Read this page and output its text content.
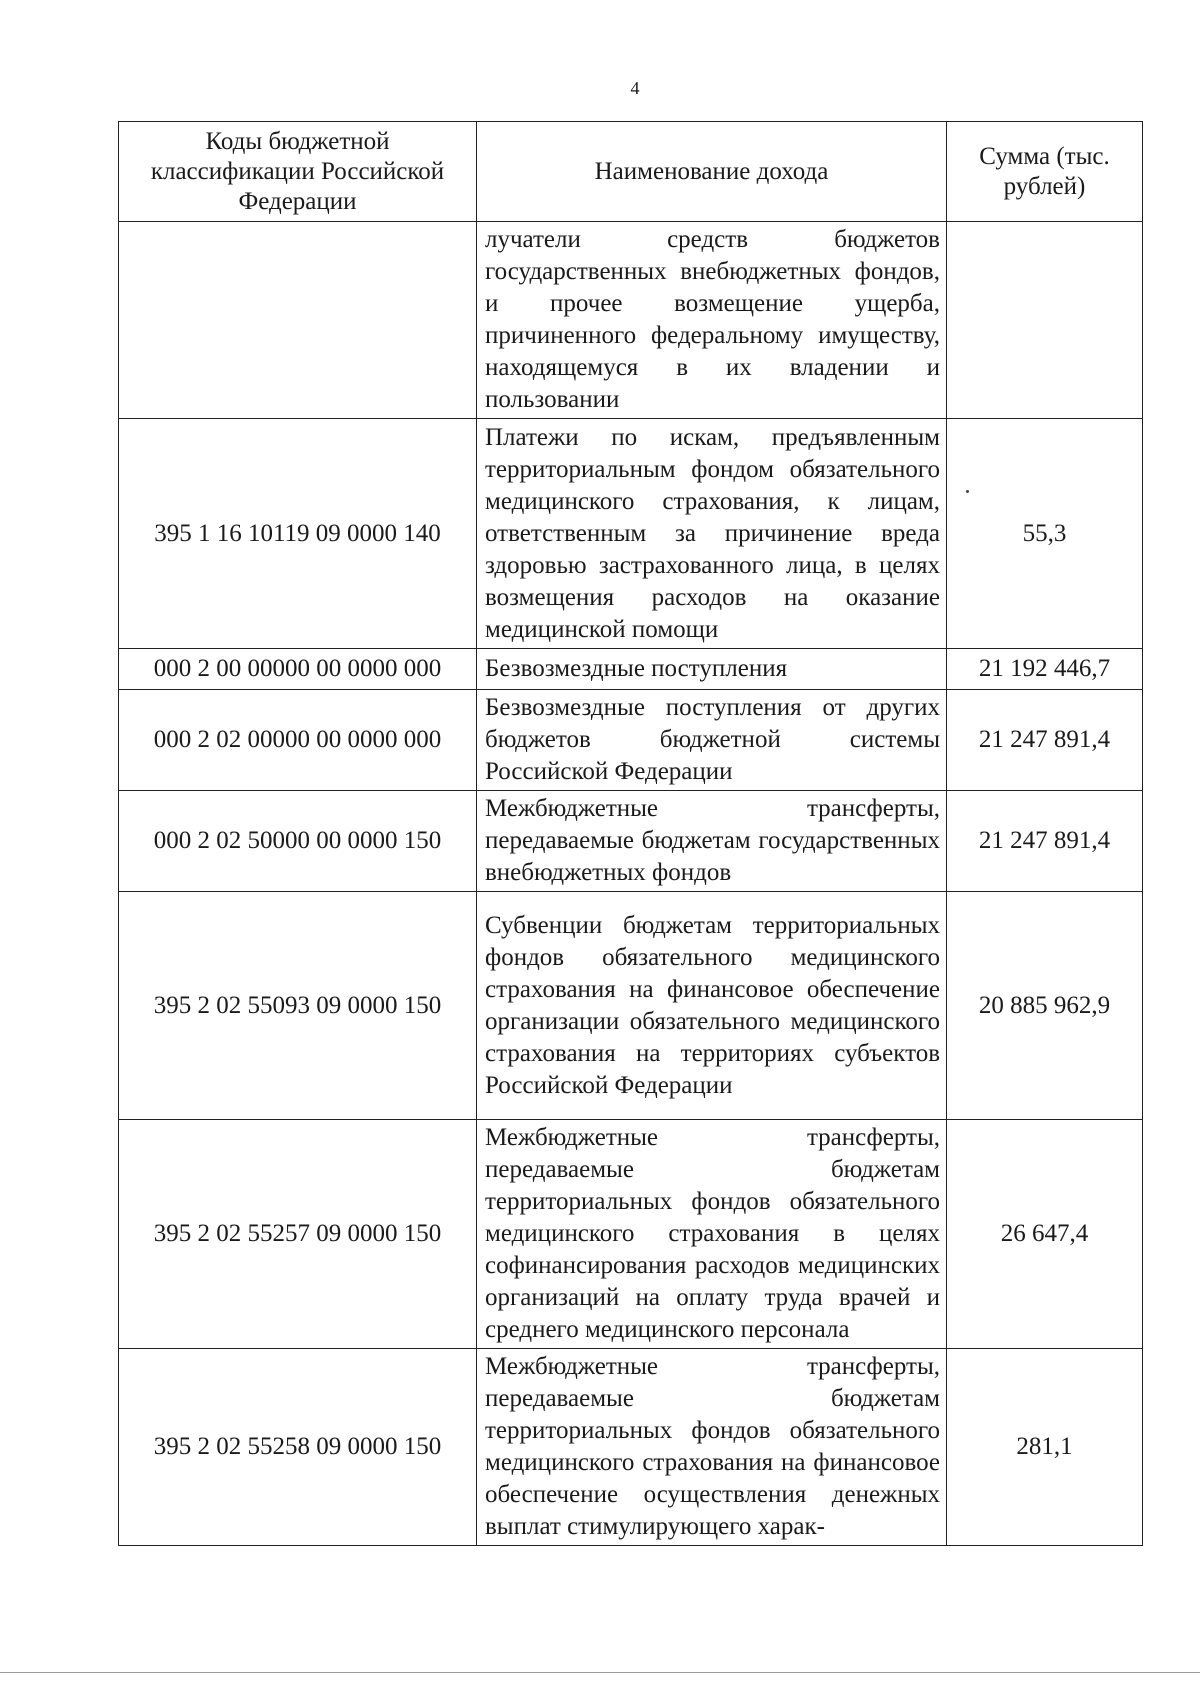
4
Коды бюджетной классификации Российской Федерации	Наименование дохода	Сумма (тыс. рублей)
	лучатели средств бюджетов государственных внебюджетных фондов, и прочее возмещение ущерба, причиненного федеральному имуществу, находящемуся в их владении и пользовании	
395 1 16 10119 09 0000 140	Платежи по искам, предъявленным территориальным фондом обязательного медицинского страхования, к лицам, ответственным за причинение вреда здоровью застрахованного лица, в целях возмещения расходов на оказание медицинской помощи	55,3
000 2 00 00000 00 0000 000	Безвозмездные поступления	21 192 446,7
000 2 02 00000 00 0000 000	Безвозмездные поступления от других бюджетов бюджетной системы Российской Федерации	21 247 891,4
000 2 02 50000 00 0000 150	Межбюджетные трансферты, передаваемые бюджетам государственных внебюджетных фондов	21 247 891,4
395 2 02 55093 09 0000 150	Субвенции бюджетам территориальных фондов обязательного медицинского страхования на финансовое обеспечение организации обязательного медицинского страхования на территориях субъектов Российской Федерации	20 885 962,9
395 2 02 55257 09 0000 150	Межбюджетные трансферты, передаваемые бюджетам территориальных фондов обязательного медицинского страхования в целях софинансирования расходов медицинских организаций на оплату труда врачей и среднего медицинского персонала	26 647,4
395 2 02 55258 09 0000 150	Межбюджетные трансферты, передаваемые бюджетам территориальных фондов обязательного медицинского страхования на финансовое обеспечение осуществления денежных выплат стимулирующего харак-	281,1
